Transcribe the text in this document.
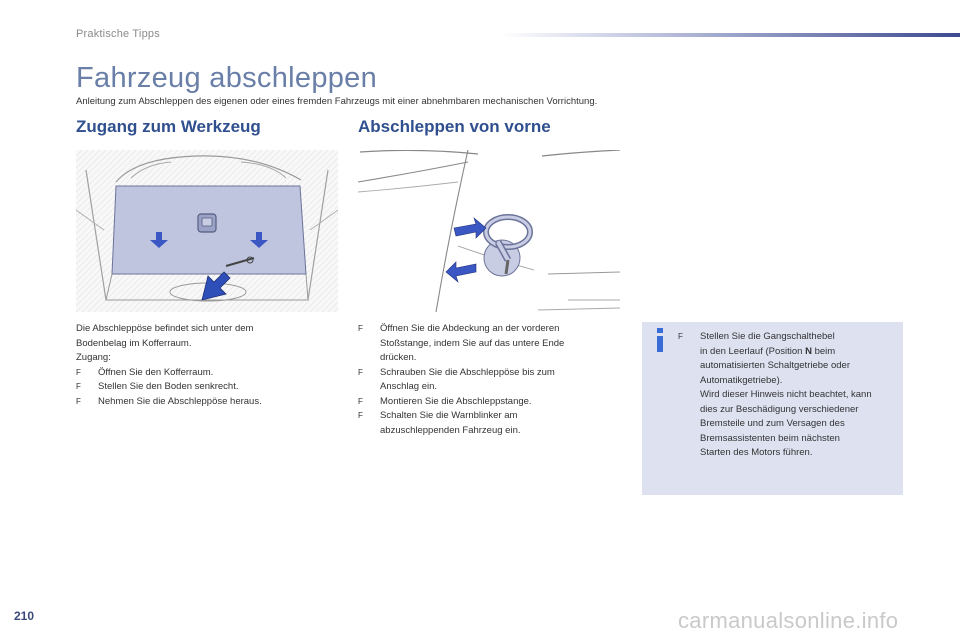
Praktische Tipps
Fahrzeug abschleppen
Anleitung zum Abschleppen des eigenen oder eines fremden Fahrzeugs mit einer abnehmbaren mechanischen Vorrichtung.
Zugang zum Werkzeug	Abschleppen von vorne
Die Abschleppöse befindet sich unter dem
Bodenbelag im Kofferraum.
Zugang:
F	Öffnen Sie den Kofferraum.
F	Stellen Sie den Boden senkrecht.
F	Nehmen Sie die Abschleppöse heraus.
F	Öffnen Sie die Abdeckung an der vorderen
Stoßstange, indem Sie auf das untere Ende
drücken.
F	Schrauben Sie die Abschleppöse bis zum
Anschlag ein.
F	Montieren Sie die Abschleppstange.
F	Schalten Sie die Warnblinker am
abzuschleppenden Fahrzeug ein.
F	Stellen Sie die Gangschalthebel
in den Leerlauf (Position N beim
automatisierten Schaltgetriebe oder
Automatikgetriebe).
Wird dieser Hinweis nicht beachtet, kann
dies zur Beschädigung verschiedener
Bremsteile und zum Versagen des
Bremsassistenten beim nächsten
Starten des Motors führen.
210	carmanualsonline.info
